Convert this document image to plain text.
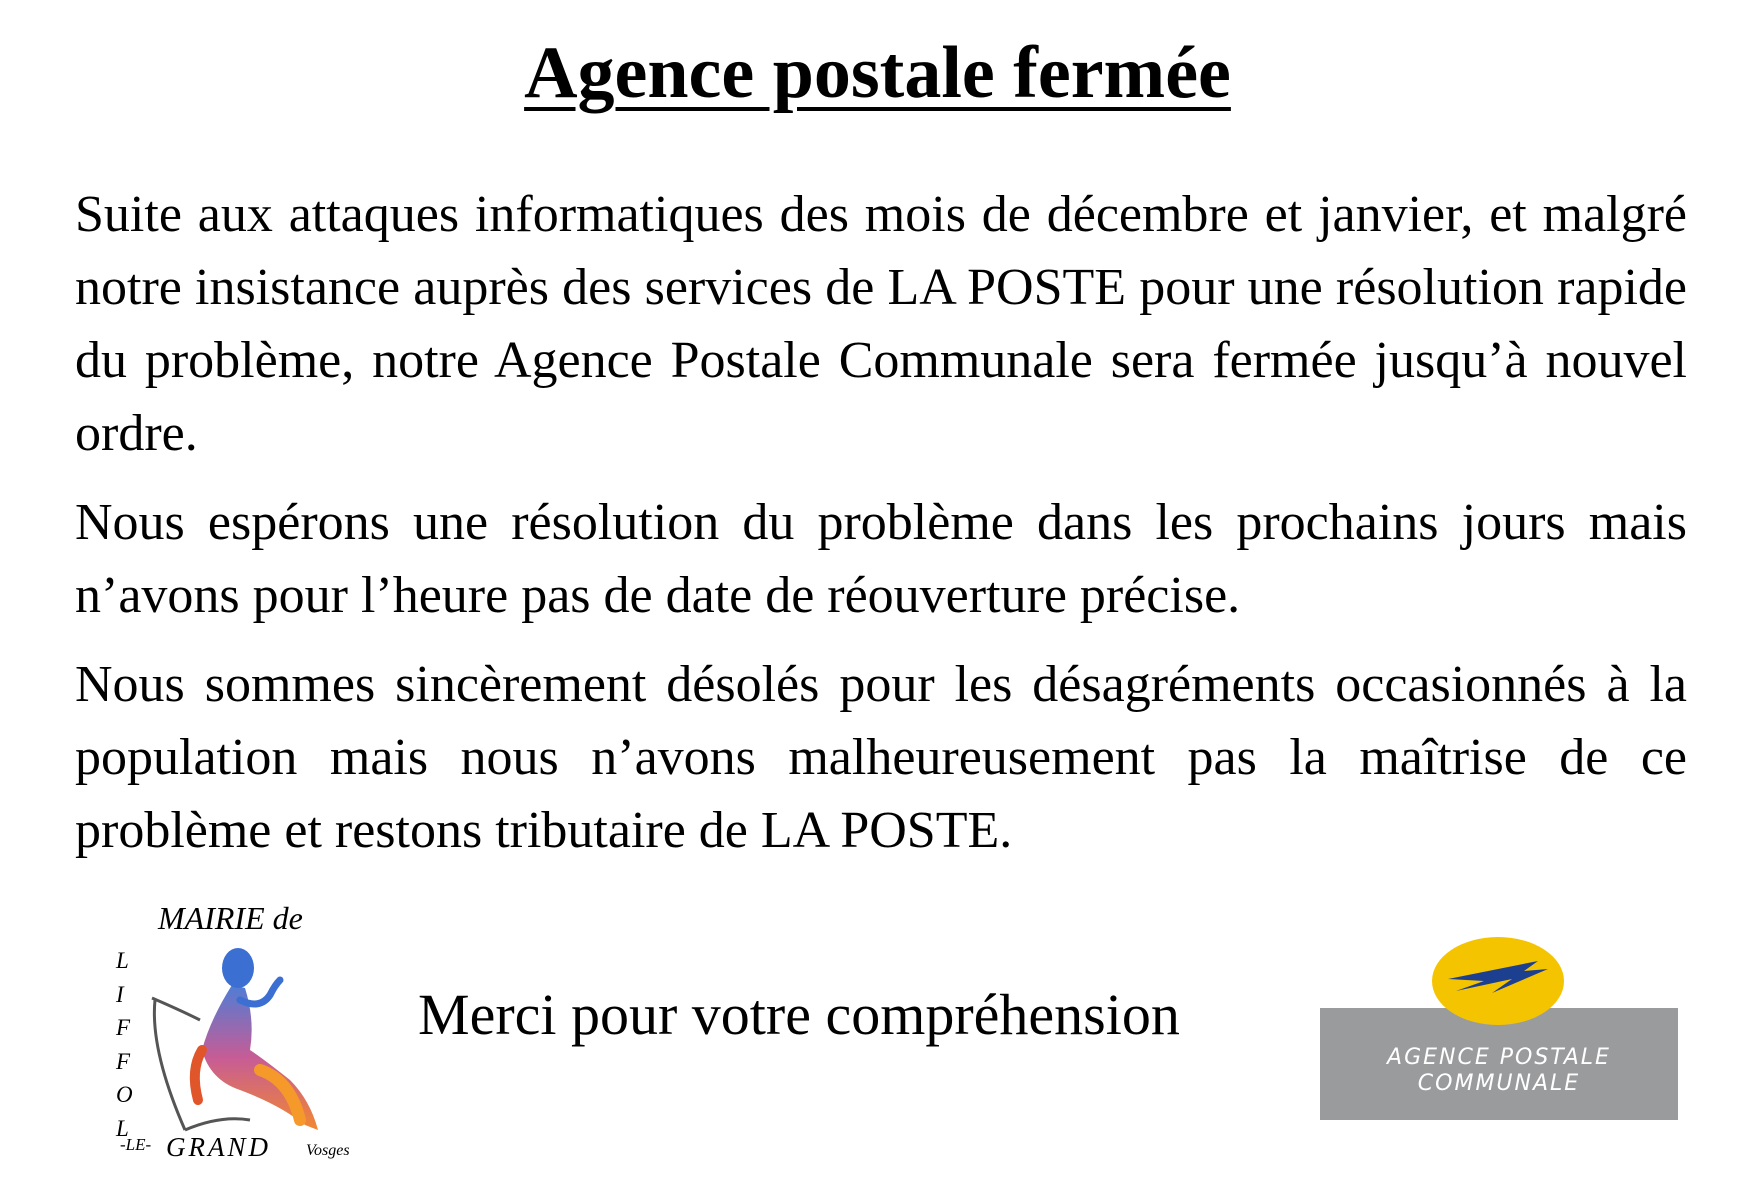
Agence postale fermée

Suite aux attaques informatiques des mois de décembre et janvier, et malgré notre insistance auprès des services de LA POSTE pour une résolution rapide du problème, notre Agence Postale Communale sera fermée jusqu’à nouvel ordre.

Nous espérons une résolution du problème dans les prochains jours mais n’avons pour l’heure pas de date de réouverture précise.

Nous sommes sincèrement désolés pour les désagréments occasionnés à la population mais nous n’avons malheureusement pas la maîtrise de ce problème et restons tributaire de LA POSTE.

MAIRIE de
L
I
F
F
O
L
-LE- GRAND Vosges
Merci pour votre compréhension
AGENCE POSTALE
COMMUNALE
